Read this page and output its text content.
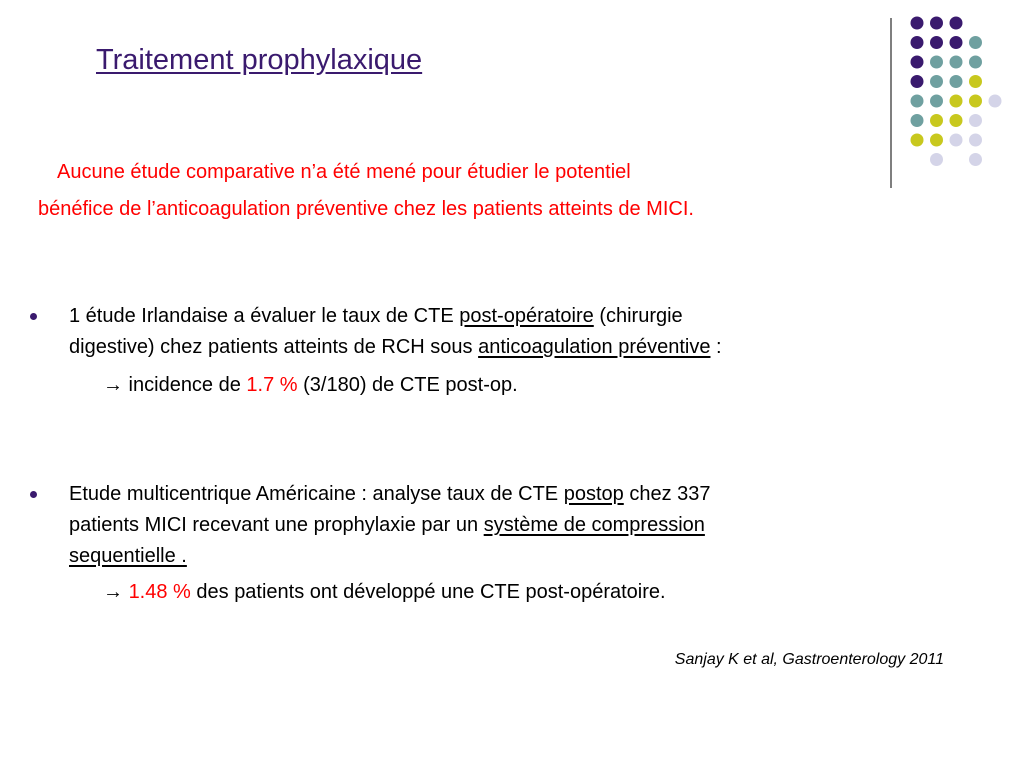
Traitement prophylaxique
Aucune étude comparative n’a été mené pour étudier le potentiel
bénéfice de l’anticoagulation préventive chez les patients atteints de MICI.
1 étude Irlandaise a évaluer le taux de CTE post-opératoire (chirurgie
digestive) chez patients atteints de RCH sous anticoagulation préventive :
→ incidence de 1.7 % (3/180) de CTE post-op.
Etude multicentrique Américaine : analyse taux de CTE postop chez 337
patients MICI recevant une prophylaxie par un système de compression
sequentielle .
→ 1.48 % des patients ont développé une CTE post-opératoire.
Sanjay K et al, Gastroenterology 2011
